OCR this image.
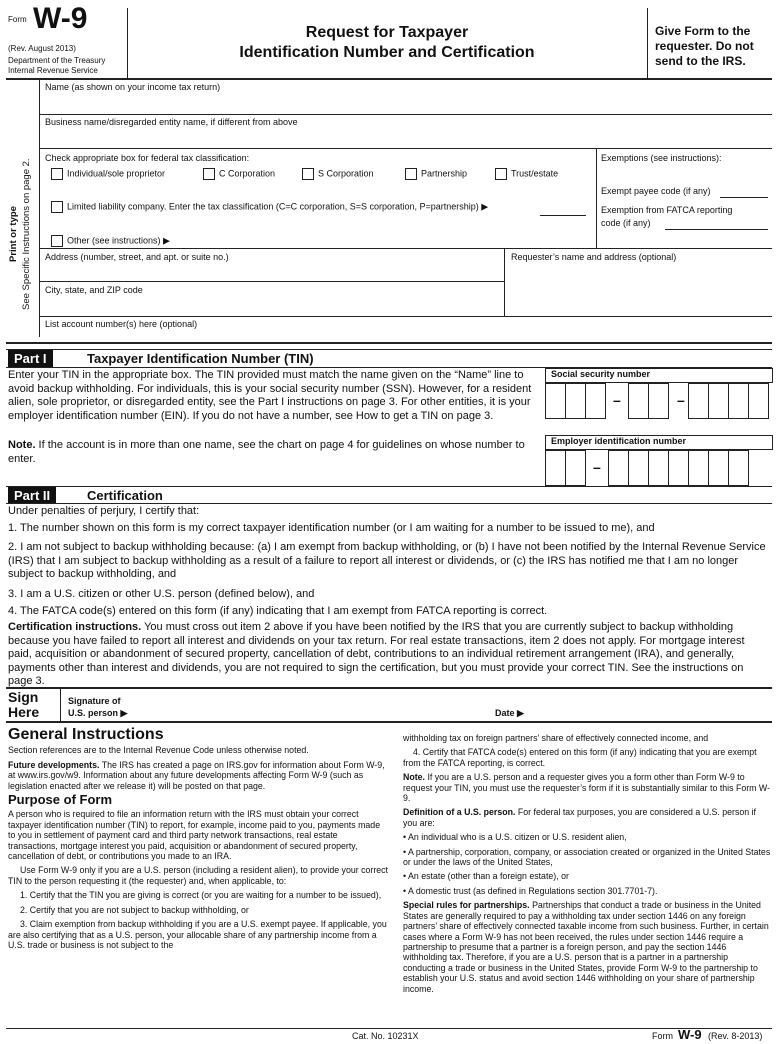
Form W-9
(Rev. August 2013)
Department of the Treasury
Internal Revenue Service
Request for Taxpayer
Identification Number and Certification
Give Form to the
requester. Do not
send to the IRS.
Print or type See Specific Instructions on page 2.
Name (as shown on your income tax return)
Business name/disregarded entity name, if different from above
Check appropriate box for federal tax classification:
Individual/sole proprietor	C Corporation	S Corporation	Partnership	Trust/estate
Limited liability company. Enter the tax classification (C=C corporation, S=S corporation, P=partnership) ▶
Other (see instructions) ▶
Exemptions (see instructions):
Exempt payee code (if any)
Exemption from FATCA reporting
code (if any)
Address (number, street, and apt. or suite no.)	Requester’s name and address (optional)
City, state, and ZIP code
List account number(s) here (optional)
Part I	Taxpayer Identification Number (TIN)
Enter your TIN in the appropriate box. The TIN provided must match the name given on the “Name” line to avoid backup withholding. For individuals, this is your social security number (SSN). However, for a resident alien, sole proprietor, or disregarded entity, see the Part I instructions on page 3. For other entities, it is your employer identification number (EIN). If you do not have a number, see How to get a TIN on page 3.
Note. If the account is in more than one name, see the chart on page 4 for guidelines on whose number to enter.
Social security number
–	–
Employer identification number
–
Part II	Certification
Under penalties of perjury, I certify that:
1. The number shown on this form is my correct taxpayer identification number (or I am waiting for a number to be issued to me), and
2. I am not subject to backup withholding because: (a) I am exempt from backup withholding, or (b) I have not been notified by the Internal Revenue Service (IRS) that I am subject to backup withholding as a result of a failure to report all interest or dividends, or (c) the IRS has notified me that I am no longer subject to backup withholding, and
3. I am a U.S. citizen or other U.S. person (defined below), and
4. The FATCA code(s) entered on this form (if any) indicating that I am exempt from FATCA reporting is correct.
Certification instructions. You must cross out item 2 above if you have been notified by the IRS that you are currently subject to backup withholding because you have failed to report all interest and dividends on your tax return. For real estate transactions, item 2 does not apply. For mortgage interest paid, acquisition or abandonment of secured property, cancellation of debt, contributions to an individual retirement arrangement (IRA), and generally, payments other than interest and dividends, you are not required to sign the certification, but you must provide your correct TIN. See the instructions on page 3.
Sign
Here
Signature of
U.S. person ▶	Date ▶
General Instructions

Section references are to the Internal Revenue Code unless otherwise noted.

Future developments. The IRS has created a page on IRS.gov for information about Form W-9, at www.irs.gov/w9. Information about any future developments affecting Form W-9 (such as legislation enacted after we release it) will be posted on that page.

Purpose of Form

A person who is required to file an information return with the IRS must obtain your correct taxpayer identification number (TIN) to report, for example, income paid to you, payments made to you in settlement of payment card and third party network transactions, real estate transactions, mortgage interest you paid, acquisition or abandonment of secured property, cancellation of debt, or contributions you made to an IRA.

Use Form W-9 only if you are a U.S. person (including a resident alien), to provide your correct TIN to the person requesting it (the requester) and, when applicable, to:

1. Certify that the TIN you are giving is correct (or you are waiting for a number to be issued),

2. Certify that you are not subject to backup withholding, or

3. Claim exemption from backup withholding if you are a U.S. exempt payee. If applicable, you are also certifying that as a U.S. person, your allocable share of any partnership income from a U.S. trade or business is not subject to the

withholding tax on foreign partners’ share of effectively connected income, and

4. Certify that FATCA code(s) entered on this form (if any) indicating that you are exempt from the FATCA reporting, is correct.

Note. If you are a U.S. person and a requester gives you a form other than Form W-9 to request your TIN, you must use the requester’s form if it is substantially similar to this Form W-9.

Definition of a U.S. person. For federal tax purposes, you are considered a U.S. person if you are:

• An individual who is a U.S. citizen or U.S. resident alien,

• A partnership, corporation, company, or association created or organized in the United States or under the laws of the United States,

• An estate (other than a foreign estate), or

• A domestic trust (as defined in Regulations section 301.7701-7).

Special rules for partnerships. Partnerships that conduct a trade or business in the United States are generally required to pay a withholding tax under section 1446 on any foreign partners’ share of effectively connected taxable income from such business. Further, in certain cases where a Form W-9 has not been received, the rules under section 1446 require a partnership to presume that a partner is a foreign person, and pay the section 1446 withholding tax. Therefore, if you are a U.S. person that is a partner in a partnership conducting a trade or business in the United States, provide Form W-9 to the partnership to establish your U.S. status and avoid section 1446 withholding on your share of partnership income.

Cat. No. 10231X	Form W-9 (Rev. 8-2013)
